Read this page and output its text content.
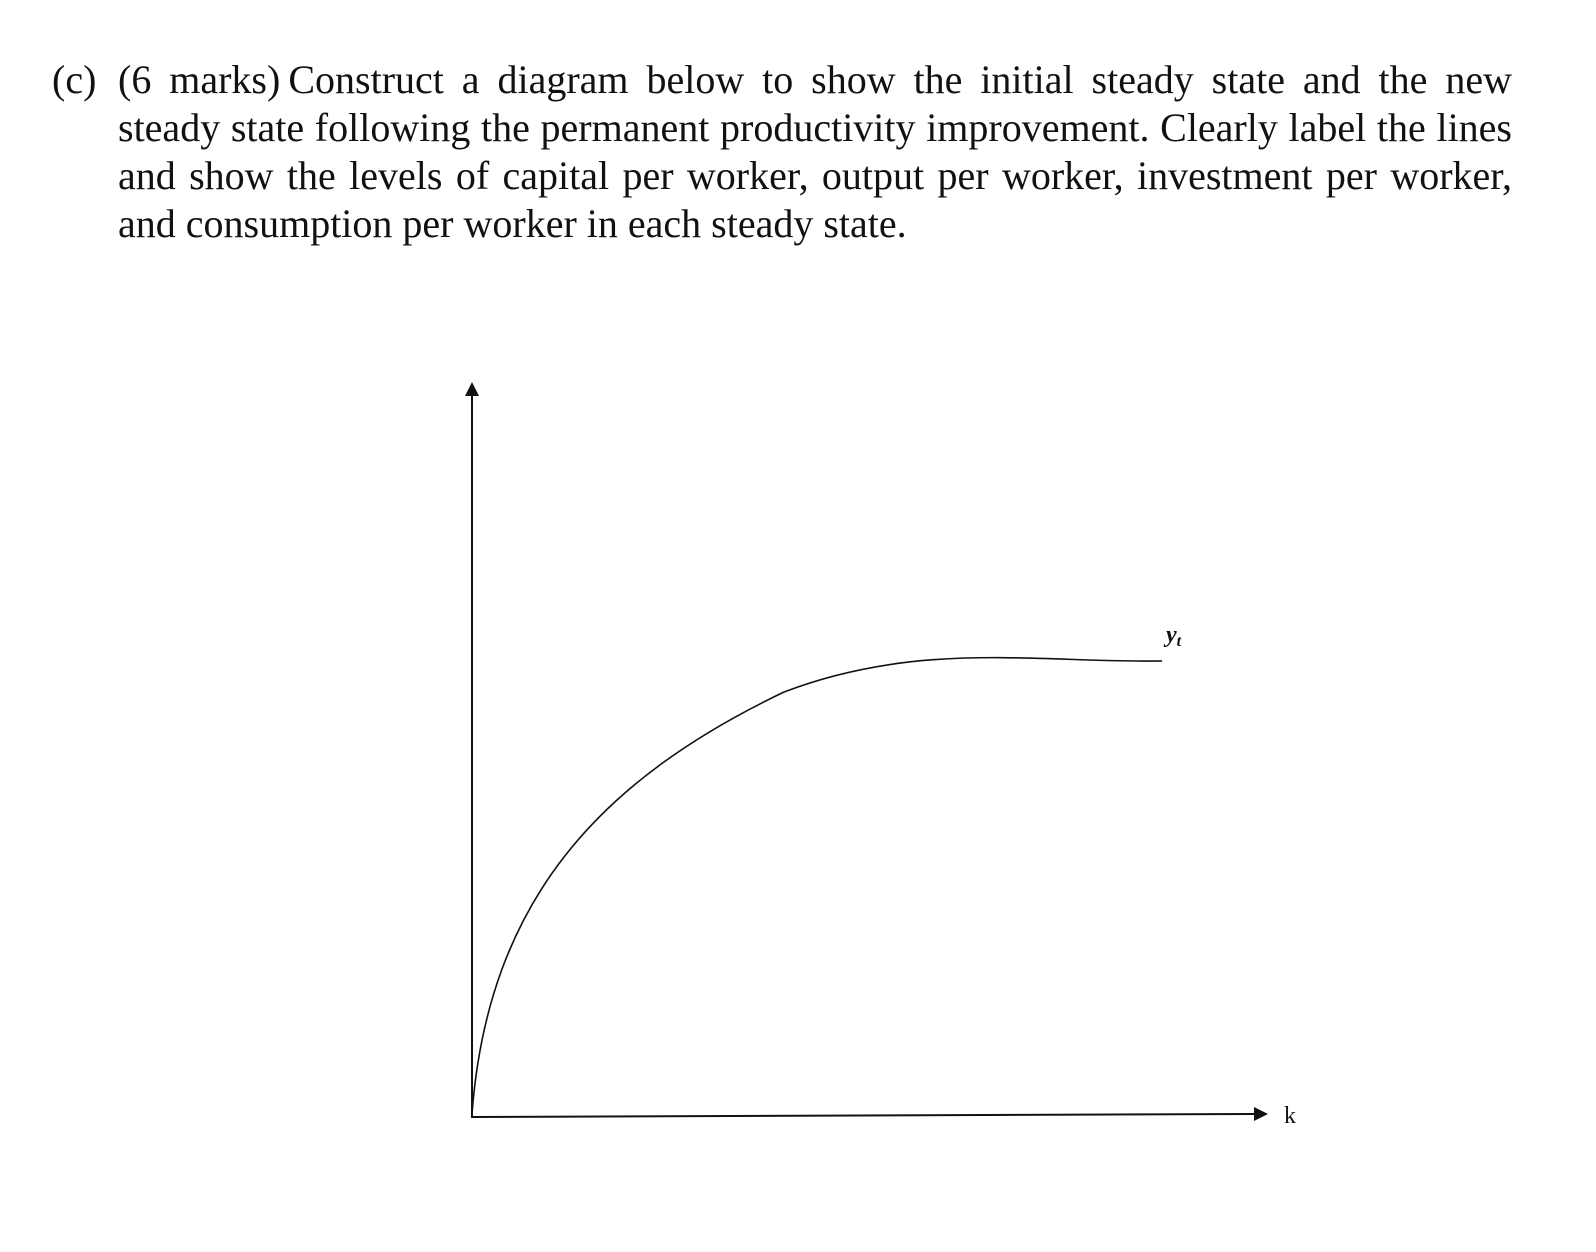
(c) (6 marks) Construct a diagram below to show the initial steady state and the new steady state following the permanent productivity improvement. Clearly label the lines and show the levels of capital per worker, output per worker, investment per worker, and consumption per worker in each steady state.
yt
k
